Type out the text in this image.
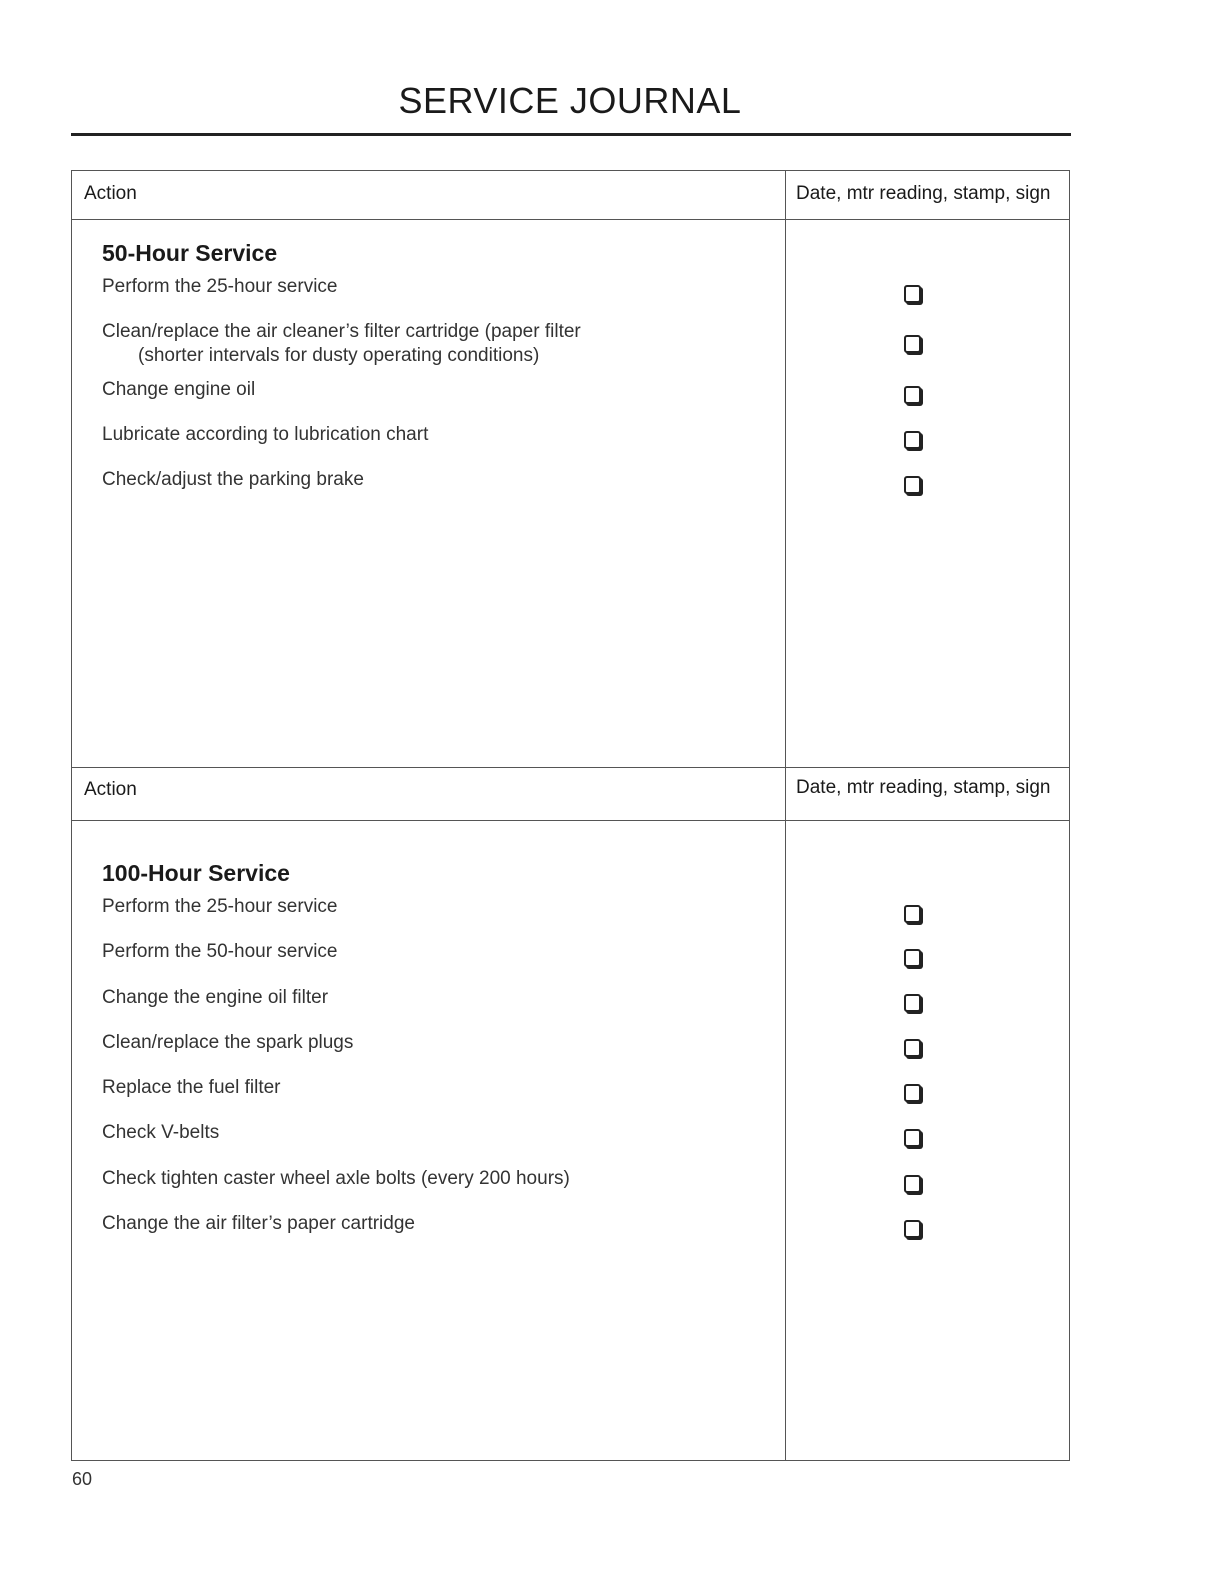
SERVICE JOURNAL
Action	Date, mtr reading, stamp, sign
50-Hour Service
Perform the 25-hour service
Clean/replace the air cleaner’s filter cartridge (paper filter
(shorter intervals for dusty operating conditions)
Change engine oil
Lubricate according to lubrication chart
Check/adjust the parking brake
Action	Date, mtr reading, stamp, sign
100-Hour Service
Perform the 25-hour service
Perform the 50-hour service
Change the engine oil filter
Clean/replace the spark plugs
Replace the fuel filter
Check V-belts
Check tighten caster wheel axle bolts (every 200 hours)
Change the air filter’s paper cartridge
60
